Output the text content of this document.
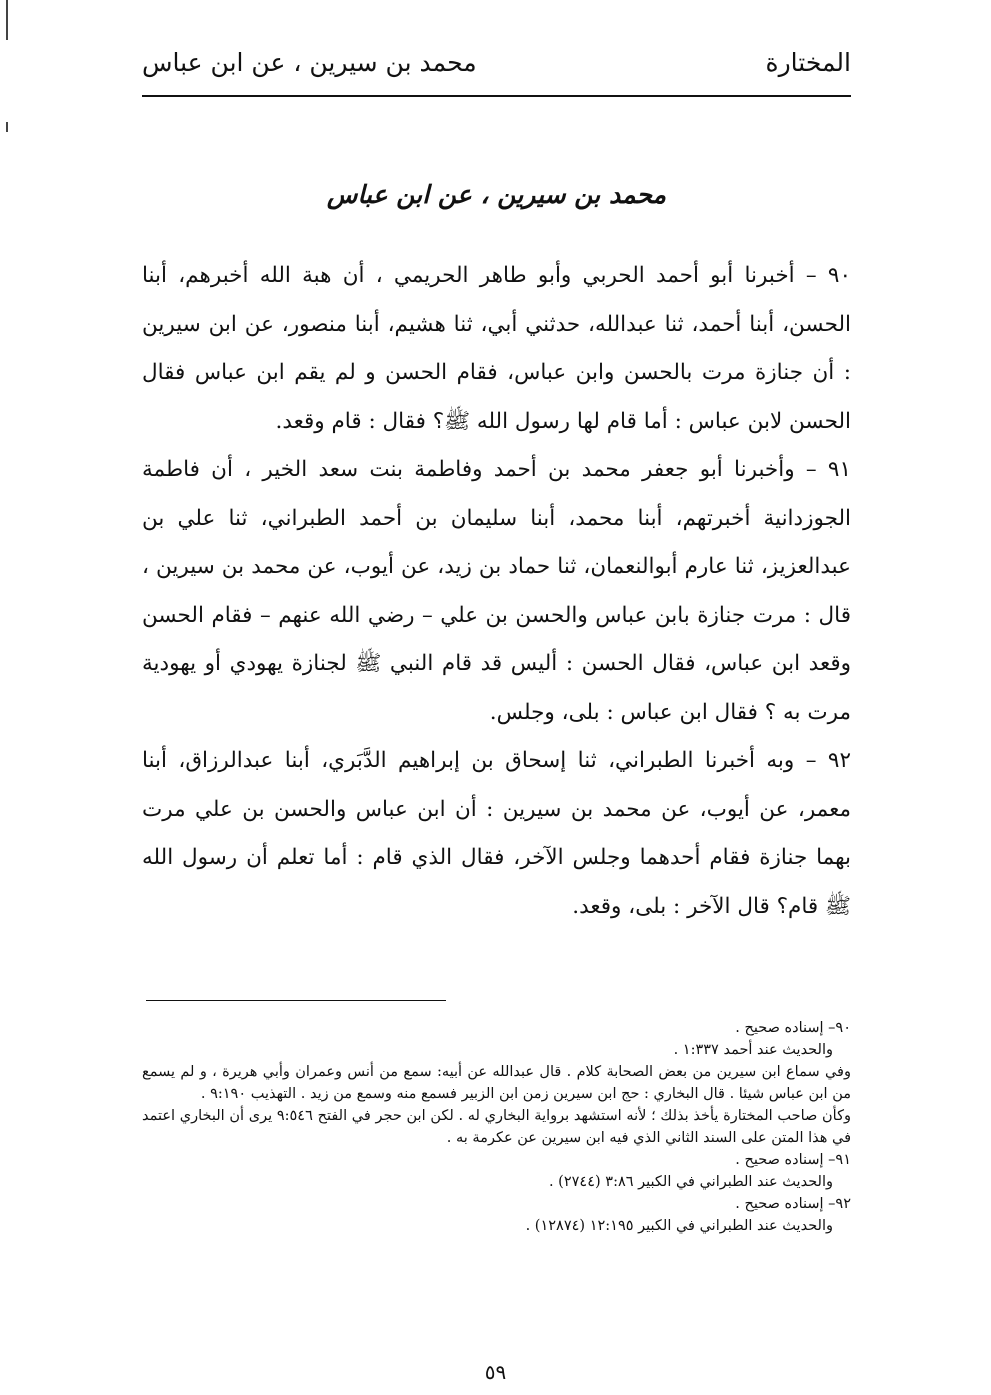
المختارة
محمد بن سيرين ، عن ابن عباس
محمد بن سيرين ، عن ابن عباس

٩٠ – أخبرنا أبو أحمد الحربي وأبو طاهر الحريمي ، أن هبة الله أخبرهم، أبنا الحسن، أبنا أحمد، ثنا عبدالله، حدثني أبي، ثنا هشيم، أبنا منصور، عن ابن سيرين : أن جنازة مرت بالحسن وابن عباس، فقام الحسن و لم يقم ابن عباس فقال الحسن لابن عباس : أما قام لها رسول الله ﷺ؟ فقال : قام وقعد.

٩١ – وأخبرنا أبو جعفر محمد بن أحمد وفاطمة بنت سعد الخير ، أن فاطمة الجوزدانية أخبرتهم، أبنا محمد، أبنا سليمان بن أحمد الطبراني، ثنا علي بن عبدالعزيز، ثنا عارم أبوالنعمان، ثنا حماد بن زيد، عن أيوب، عن محمد بن سيرين ، قال : مرت جنازة بابن عباس والحسن بن علي – رضي الله عنهم – فقام الحسن وقعد ابن عباس، فقال الحسن : أليس قد قام النبي ﷺ لجنازة يهودي أو يهودية مرت به ؟ فقال ابن عباس : بلى، وجلس.

٩٢ – وبه أخبرنا الطبراني، ثنا إسحاق بن إبراهيم الدَّبَري، أبنا عبدالرزاق، أبنا معمر، عن أيوب، عن محمد بن سيرين : أن ابن عباس والحسن بن علي مرت بهما جنازة فقام أحدهما وجلس الآخر، فقال الذي قام : أما تعلم أن رسول الله ﷺ قام؟ قال الآخر : بلى، وقعد.

٩٠– إسناده صحيح .

والحديث عند أحمد ١:٣٣٧ .

وفي سماع ابن سيرين من بعض الصحابة كلام . قال عبدالله عن أبيه: سمع من أنس وعمران وأبي هريرة ، و لم يسمع من ابن عباس شيئا . قال البخاري : حج ابن سيرين زمن ابن الزبير فسمع منه وسمع من زيد . التهذيب ٩:١٩٠ .

وكأن صاحب المختارة يأخذ بذلك ؛ لأنه استشهد برواية البخاري له . لكن ابن حجر في الفتح ٩:٥٤٦ يرى أن البخاري اعتمد في هذا المتن على السند الثاني الذي فيه ابن سيرين عن عكرمة به .

٩١– إسناده صحيح .

والحديث عند الطبراني في الكبير ٣:٨٦ (٢٧٤٤) .

٩٢– إسناده صحيح .

والحديث عند الطبراني في الكبير ١٢:١٩٥ (١٢٨٧٤) .

٥٩
